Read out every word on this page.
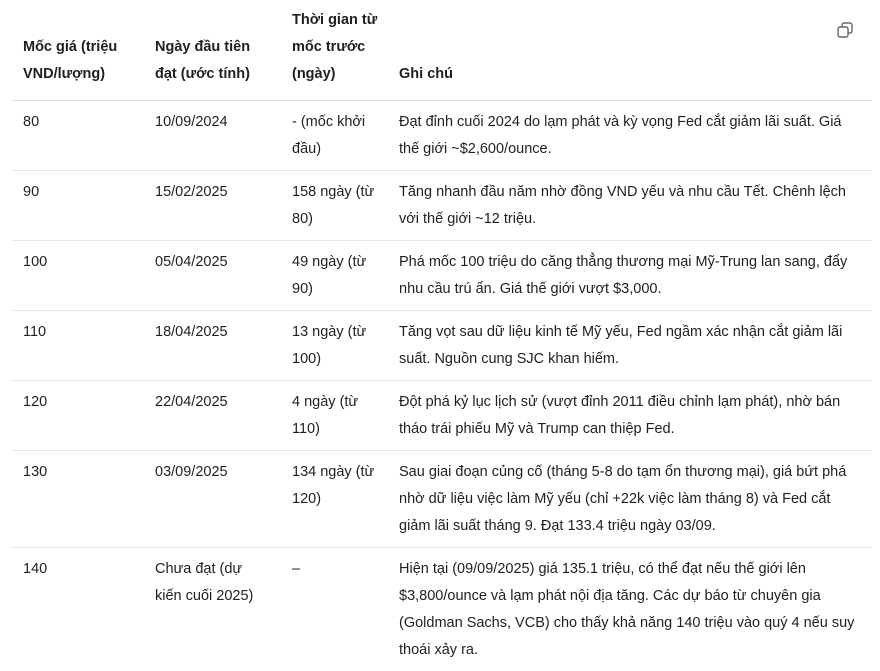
Mốc giá (triệu VND/lượng)	Ngày đầu tiên đạt (ước tính)	Thời gian từ mốc trước (ngày)	Ghi chú
80	10/09/2024	- (mốc khởi đầu)	Đạt đỉnh cuối 2024 do lạm phát và kỳ vọng Fed cắt giảm lãi suất. Giá thế giới ~$2,600/ounce.
90	15/02/2025	158 ngày (từ 80)	Tăng nhanh đầu năm nhờ đồng VND yếu và nhu cầu Tết. Chênh lệch với thế giới ~12 triệu.
100	05/04/2025	49 ngày (từ 90)	Phá mốc 100 triệu do căng thẳng thương mại Mỹ-Trung lan sang, đẩy nhu cầu trú ẩn. Giá thế giới vượt $3,000.
110	18/04/2025	13 ngày (từ 100)	Tăng vọt sau dữ liệu kinh tế Mỹ yếu, Fed ngầm xác nhận cắt giảm lãi suất. Nguồn cung SJC khan hiếm.
120	22/04/2025	4 ngày (từ 110)	Đột phá kỷ lục lịch sử (vượt đỉnh 2011 điều chỉnh lạm phát), nhờ bán tháo trái phiếu Mỹ và Trump can thiệp Fed.
130	03/09/2025	134 ngày (từ 120)	Sau giai đoạn củng cố (tháng 5-8 do tạm ổn thương mại), giá bứt phá nhờ dữ liệu việc làm Mỹ yếu (chỉ +22k việc làm tháng 8) và Fed cắt giảm lãi suất tháng 9. Đạt 133.4 triệu ngày 03/09.
140	Chưa đạt (dự kiến cuối 2025)	–	Hiện tại (09/09/2025) giá 135.1 triệu, có thể đạt nếu thế giới lên $3,800/ounce và lạm phát nội địa tăng. Các dự báo từ chuyên gia (Goldman Sachs, VCB) cho thấy khả năng 140 triệu vào quý 4 nếu suy thoái xảy ra.
